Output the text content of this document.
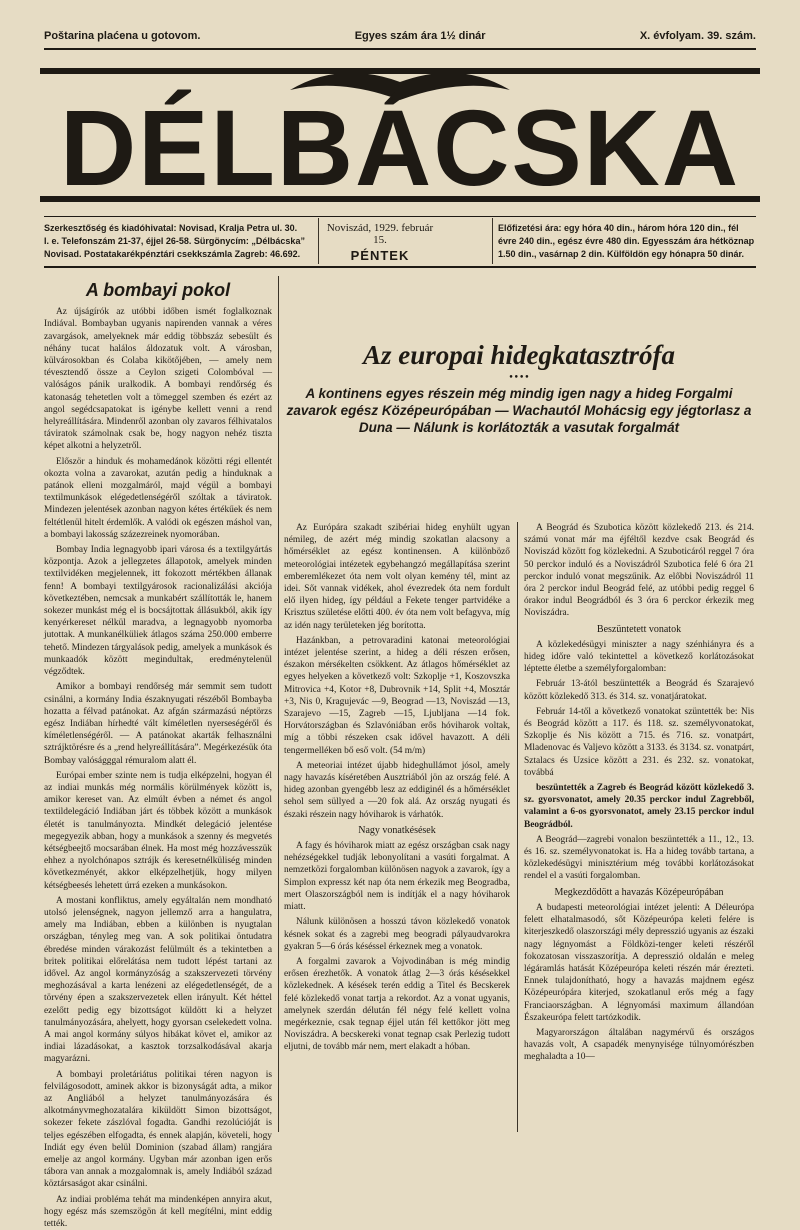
Poštarina plaćena u gotovom.	Egyes szám ára 1½ dinár	X. évfolyam. 39. szám.
DÉLBÁCSKA
Szerkesztőség és kiadóhivatal: Novisad, Kralja Petra ul. 30.
I. e. Telefonszám 21-37, éjjel 26-58. Sürgönycím: „Délbácska”
Novisad. Postatakarékpénztári csekkszámla Zagreb: 46.692.
Noviszád, 1929. február 15.
PÉNTEK
Előfizetési ára: egy hóra 40 din., három hóra 120 din., fél
évre 240 din., egész évre 480 din. Egyesszám ára hétköznap
1.50 din., vasárnap 2 din. Külföldön egy hónapra 50 dinár.
A bombayi pokol

Az újságírók az utóbbi időben ismét foglalkoznak Indiával. Bombayban ugyanis napirenden vannak a véres zavargások, amelyeknek már eddig többszáz sebesült és néhány tucat halálos áldozatuk volt. A városban, külvárosokban és Colaba kikötőjében, — amely nem tévesztendő össze a Ceylon szigeti Colombóval — valóságos pánik uralkodik. A bombayi rendőrség és katonaság tehetetlen volt a tömeggel szemben és ezért az angol segédcsapatokat is igénybe kellett venni a rend helyreállítására. Mindenről azonban oly zavaros félhivatalos táviratok számolnak csak be, hogy nagyon nehéz tiszta képet alkotni a helyzetről.

Először a hinduk és mohamedánok közötti régi ellentét okozta volna a zavarokat, azután pedig a hinduknak a patánok elleni mozgalmáról, majd végül a bombayi textilmunkások elégedetlenségéről szóltak a táviratok. Mindezen jelentések azonban nagyon kétes értékűek és nem feltétlenül hitelt érdemlők. A valódi ok egészen máshol van, a bombayi lakosság százezreinek nyomorában.

Bombay India legnagyobb ipari városa és a textilgyártás központja. Azok a jellegzetes állapotok, amelyek minden textilvidéken megjelennek, itt fokozott mértékben állanak fenn! A bombayi textilgyárosok racionalizálási akciója következtében, nemcsak a munkabért szállították le, hanem sokezer munkást még el is bocsájtottak állásukból, akik így kenyérkereset nélkül maradva, a legnagyobb nyomorba jutottak. A munkanélküliek átlagos száma 250.000 emberre tehető. Mindezen tárgyalások pedig, amelyek a munkások és munkaadók között megindultak, eredménytelenül végződtek.

Amikor a bombayi rendőrség már semmit sem tudott csinálni, a kormány India északnyugati részéből Bombayba hozatta a félvad patánokat. Az afgán származású néptörzs egész Indiában hírhedté vált kíméletlen nyerseségéről és kíméletlenségéről. — A patánokat akarták felhasználni sztrájktörésre és a „rend helyreállítására”. Megérkezésük óta Bombay valóságggal rémuralom alatt él.

Európai ember szinte nem is tudja elképzelni, hogyan él az indiai munkás még normális körülmények között is, amikor kereset van. Az elmúlt évben a német és angol textildelegáció Indiában járt és többek között a munkások életét is tanulmányozta. Mindkét delegáció jelentése megegyezik abban, hogy a munkások a szenny és megvetés kétségbeejtő mocsarában élnek. Ha most még hozzávesszük ehhez a nyolchónapos sztrájk és keresetnélküliség minden következményét, akkor elképzelhetjük, hogy milyen kétségbeesés lehetett úrrá ezeken a munkásokon.

A mostani konfliktus, amely egyáltalán nem mondható utolsó jelenségnek, nagyon jellemző arra a hangulatra, amely ma Indiában, ebben a különben is nyugtalan országban, tényleg meg van. A sok politikai öntudatra ébredése minden várakozást felülmúlt és a tekintetben a britek politikai előrelátása nem tudott lépést tartani az idővel. Az angol kormányzóság a szakszervezeti törvény meghozásával a karta lenézeni az elégedetlenségét, de a törvény épen a szakszervezetek ellen irányult. Két héttel ezelőtt pedig egy bizottságot küldött ki a helyzet tanulmányozására, ahelyett, hogy gyorsan cselekedett volna. A mai angol kormány súlyos hibákat követ el, amikor az indiai lázadásokat, a kasztok torzsalkodásával akarja magyarázni.

A bombayi proletáriátus politikai téren nagyon is felvilágosodott, aminek akkor is bizonyságát adta, a mikor az Angliából a helyzet tanulmányozására és alkotmányvmeghozatalára kiküldött Simon bizottságot, sokezer fekete zászlóval fogadta. Gandhi rezolúcióját is teljes egészében elfogadta, és ennek alapján, követeli, hogy Indiát egy éven belül Dominion (szabad állam) rangjára emelje az angol kormány. Ugyban már azonban igen erős tábora van annak a mozgalomnak is, amely Indiából század köztársaságot akar csinálni.

Az indiai probléma tehát ma mindenképen annyira akut, hogy egész más szemszögön át kell megítélni, mint eddig tették.

Az europai hidegkatasztrófa
••••
A kontinens egyes részein még mindig igen nagy a hideg Forgalmi zavarok egész Középeurópában — Wachautól Mohácsig egy jégtorlasz a Duna — Nálunk is korlátozták a vasutak forgalmát

Az Európára szakadt szibériai hideg enyhült ugyan némileg, de azért még mindig szokatlan alacsony a hőmérséklet az egész kontinensen. A különböző meteorológiai intézetek egybehangzó megállapítása szerint emberemlékezet óta nem volt olyan kemény tél, mint az idei. Sőt vannak vidékek, ahol évezredek óta nem fordult elő ilyen hideg, így például a Fekete tenger partvidéke a Krisztus születése előtti 400. év óta nem volt befagyva, míg az idén nagy területeken jég borította.

Hazánkban, a petrovaradini katonai meteorológiai intézet jelentése szerint, a hideg a déli részen erősen, északon mérsékelten csökkent. Az átlagos hőmérséklet az egyes helyeken a következő volt: Szkoplje +1, Koszovszka Mitrovica +4, Kotor +8, Dubrovnik +14, Split +4, Mosztár +3, Nis 0, Kragujevác —9, Beograd —13, Noviszád —13, Szarajevo —15, Zagreb —15, Ljubljana —14 fok. Horvátországban és Szlavóniában erős hóviharok voltak, míg a többi részeken csak idővel havazott. A déli tengermelléken bő eső volt. (54 m/m)

A meteoriai intézet újabb hideghullámot jósol, amely nagy havazás kíséretében Ausztriából jön az ország felé. A hideg azonban gyengébb lesz az eddiginél és a hőmérséklet sehol sem süllyed a —20 fok alá. Az ország nyugati és északi részein nagy hóviharok is várhatók.

Nagy vonatkésések

A fagy és hóviharok miatt az egész országban csak nagy nehézségekkel tudják lebonyolítani a vasúti forgalmat. A nemzetközi forgalomban különösen nagyok a zavarok, így a Simplon expressz két nap óta nem érkezik meg Beogradba, mert Olaszországból nem is indítják el a nagy hóviharok miatt.

Nálunk különösen a hosszú távon közlekedő vonatok késnek sokat és a zagrebi meg beogradi pályaudvarokra gyakran 5—6 órás késéssel érkeznek meg a vonatok.

A forgalmi zavarok a Vojvodinában is még mindig erősen érezhetők. A vonatok átlag 2—3 órás késésekkel közlekednek. A késések terén eddig a Titel és Becskerek felé közlekedő vonat tartja a rekordot. Az a vonat ugyanis, amelynek szerdán délután fél négy felé kellett volna megérkeznie, csak tegnap éjjel után fél kettőkor jött meg Noviszádra. A becskereki vonat tegnap csak Perlezig tudott eljutni, de tovább már nem, mert elakadt a hóban.

A Beográd és Szubotica között közlekedő 213. és 214. számú vonat már ma éjféltől kezdve csak Beográd és Noviszád között fog közlekedni. A Szuboticáról reggel 7 óra 50 perckor induló és a Noviszádról Szubotica felé 6 óra 21 perckor induló vonat megszűnik. Az előbbi Noviszádról 11 óra 2 perckor indul Beográd felé, az utóbbi pedig reggel 6 órakor indul Beográdból és 3 óra 6 perckor érkezik meg Noviszádra.

Beszüntetett vonatok

A közlekedésügyi miniszter a nagy szénhiányra és a hideg időre való tekintettel a következő korlátozásokat léptette életbe a személyforgalomban:

Február 13-ától beszüntették a Beográd és Szarajevó között közlekedő 313. és 314. sz. vonatjáratokat.

Február 14-től a következő vonatokat szüntették be: Nis és Beográd között a 117. és 118. sz. személyvonatokat, Szkoplje és Nis között a 715. és 716. sz. vonatpárt, Mladenovac és Valjevo között a 3133. és 3134. sz. vonatpárt, Sztalacs és Uzsice között a 231. és 232. sz. vonatokat, továbbá

beszüntették a Zagreb és Beográd között közlekedő 3. sz. gyorsvonatot, amely 20.35 perckor indul Zagrebből, valamint a 6-os gyorsvonatot, amely 23.15 perckor indul Beográdból.

A Beográd—zagrebi vonalon beszüntették a 11., 12., 13. és 16. sz. személyvonatokat is. Ha a hideg tovább tartana, a közlekedésügyi minisztérium még további korlátozásokat rendel el a vasúti forgalomban.

Megkezdődött a havazás Középeurópában

A budapesti meteorológiai intézet jelenti: A Déleurópa felett elhatalmasodó, sőt Középeurópa keleti felére is kiterjeszkedő olaszországi mély depresszió ugyanis az északi nagy légnyomást a Földközi-tenger keleti részéről fokozatosan visszaszorítja. A depresszió oldalán e meleg légáramlás hatását Középeurópa keleti részén már érezteti. Ennek tulajdonítható, hogy a havazás majdnem egész Középeurópára kiterjed, szokatlanul erős még a fagy Franciaországban. A légnyomási maximum állandóan Északeurópa felett tartózkodik.

Magyarországon általában nagymérvű és országos havazás volt, A csapadék menynyisége túlnyomórészben meghaladta a 10—
